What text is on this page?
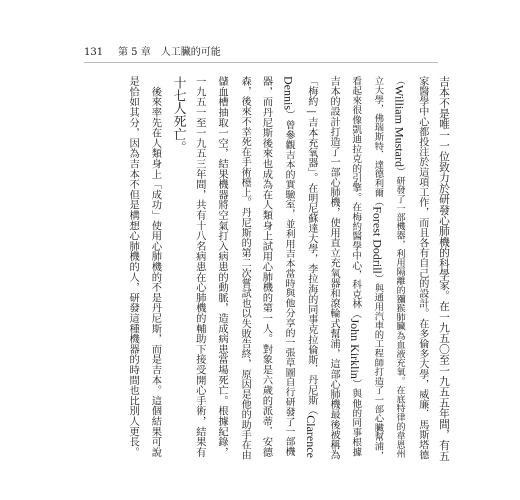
131 第 5 章　人工臟的可能
吉本不是唯一一位致力於研發心肺機的科學家。在一九五〇至一九五五年間，有五
家醫學中心都投注於這項工作，而且各有自己的設計。在多倫多大學，威廉．馬斯塔德
（William Mustard）研發了一部機器，利用隔離的獼猴肺臟為血液充氧。在底特律的韋恩州
立大學，佛瑞斯特．達德利爾（Forest Dodrill）與通用汽車的工程師打造了一部心臟幫浦，
看起來很像凱迪拉克的引擎。在梅約醫學中心，科克林（John Kirklin）與他的同事根據
吉本的設計打造了一部心肺機，使用直立充氧器和滾輪式幫浦，這部心肺機最後被稱為
「梅約—吉本充氧器」。在明尼蘇達大學，李拉海的同事克拉倫斯．丹尼斯（Clarence
Dennis）曾參觀吉本的實驗室，並利用吉本當時與他分享的一張草圖自行研發了一部機
器，而丹尼斯後來也成為在人類身上試用心肺機的第一人。對象是六歲的派蒂．安德
森，後來不幸死在手術檯上。丹尼斯的第二次嘗試也以失敗告終，原因是他的助手在由
儲血槽抽取一空，結果機器將空氣打入病患的動脈，造成病患當場死亡。根據紀錄，
一九五一至一九五三年間，共有十八名病患在心肺機的輔助下接受開心手術，結果有
十七人死亡。
　後來率先在人類身上「成功」使用心肺機的不是丹尼斯，而是吉本。這個結果可說
是恰如其分，因為吉本不但是構想心肺機的人，研發這種機器的時間也比別人更長。
